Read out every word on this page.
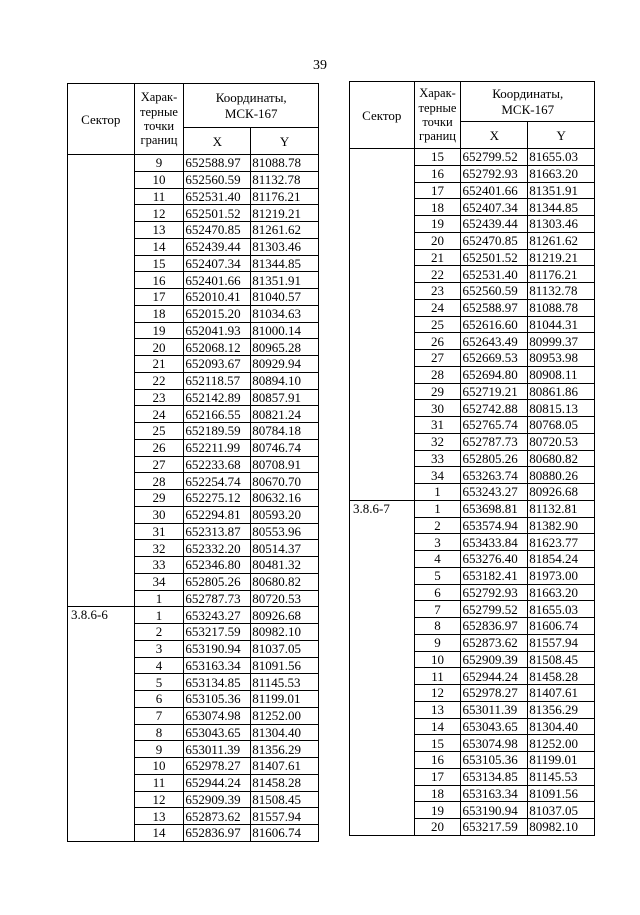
39
Сектор	Харак-
терные
точки
границ	Координаты,
МСК-167	
		X	Y
	9	652588.97	81088.78
	10	652560.59	81132.78
	11	652531.40	81176.21
	12	652501.52	81219.21
	13	652470.85	81261.62
	14	652439.44	81303.46
	15	652407.34	81344.85
	16	652401.66	81351.91
	17	652010.41	81040.57
	18	652015.20	81034.63
	19	652041.93	81000.14
	20	652068.12	80965.28
	21	652093.67	80929.94
	22	652118.57	80894.10
	23	652142.89	80857.91
	24	652166.55	80821.24
	25	652189.59	80784.18
	26	652211.99	80746.74
	27	652233.68	80708.91
	28	652254.74	80670.70
	29	652275.12	80632.16
	30	652294.81	80593.20
	31	652313.87	80553.96
	32	652332.20	80514.37
	33	652346.80	80481.32
	34	652805.26	80680.82
	1	652787.73	80720.53
3.8.6-6	1	653243.27	80926.68
	2	653217.59	80982.10
	3	653190.94	81037.05
	4	653163.34	81091.56
	5	653134.85	81145.53
	6	653105.36	81199.01
	7	653074.98	81252.00
	8	653043.65	81304.40
	9	653011.39	81356.29
	10	652978.27	81407.61
	11	652944.24	81458.28
	12	652909.39	81508.45
	13	652873.62	81557.94
	14	652836.97	81606.74
Сектор	Харак-
терные
точки
границ	Координаты,
МСК-167	
		X	Y
	15	652799.52	81655.03
	16	652792.93	81663.20
	17	652401.66	81351.91
	18	652407.34	81344.85
	19	652439.44	81303.46
	20	652470.85	81261.62
	21	652501.52	81219.21
	22	652531.40	81176.21
	23	652560.59	81132.78
	24	652588.97	81088.78
	25	652616.60	81044.31
	26	652643.49	80999.37
	27	652669.53	80953.98
	28	652694.80	80908.11
	29	652719.21	80861.86
	30	652742.88	80815.13
	31	652765.74	80768.05
	32	652787.73	80720.53
	33	652805.26	80680.82
	34	653263.74	80880.26
	1	653243.27	80926.68
3.8.6-7	1	653698.81	81132.81
	2	653574.94	81382.90
	3	653433.84	81623.77
	4	653276.40	81854.24
	5	653182.41	81973.00
	6	652792.93	81663.20
	7	652799.52	81655.03
	8	652836.97	81606.74
	9	652873.62	81557.94
	10	652909.39	81508.45
	11	652944.24	81458.28
	12	652978.27	81407.61
	13	653011.39	81356.29
	14	653043.65	81304.40
	15	653074.98	81252.00
	16	653105.36	81199.01
	17	653134.85	81145.53
	18	653163.34	81091.56
	19	653190.94	81037.05
	20	653217.59	80982.10
